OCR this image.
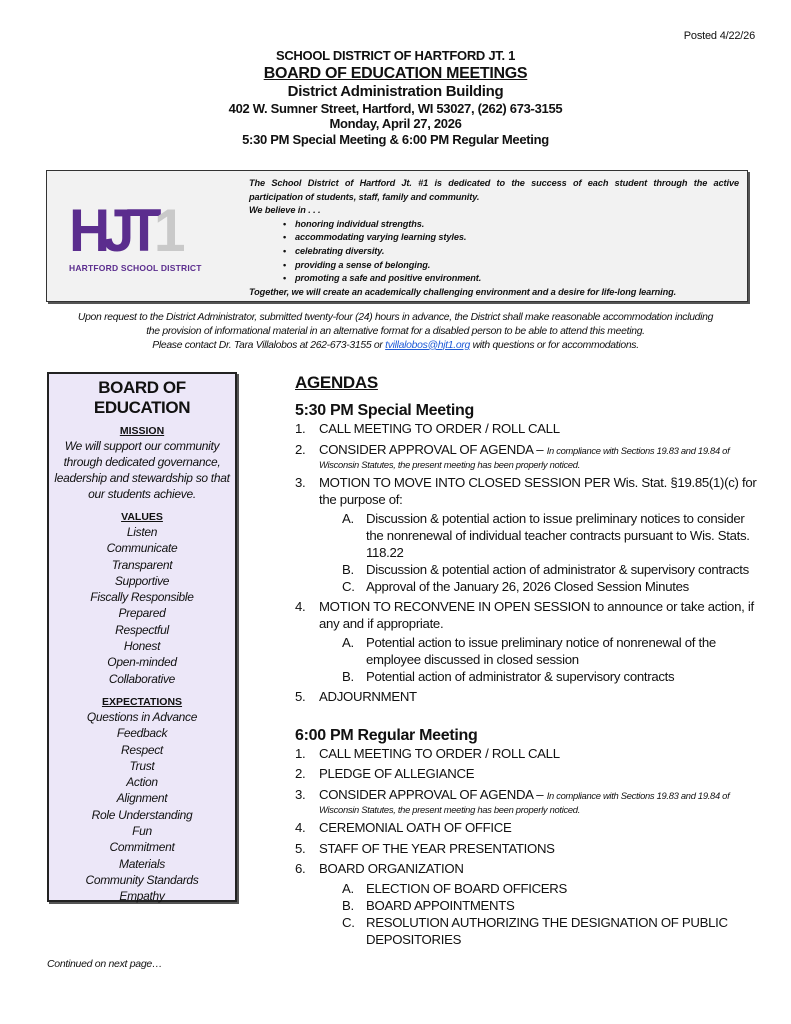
Posted 4/22/26
SCHOOL DISTRICT OF HARTFORD JT. 1
BOARD OF EDUCATION MEETINGS
District Administration Building
402 W. Sumner Street, Hartford, WI 53027, (262) 673-3155
Monday, April 27, 2026
5:30 PM Special Meeting & 6:00 PM Regular Meeting
HJT1
HARTFORD SCHOOL DISTRICT
The School District of Hartford Jt. #1 is dedicated to the success of each student through the active
participation of students, staff, family and community.
We believe in . . .
• honoring individual strengths.
• accommodating varying learning styles.
• celebrating diversity.
• providing a sense of belonging.
• promoting a safe and positive environment.
Together, we will create an academically challenging environment and a desire for life-long learning.
Upon request to the District Administrator, submitted twenty-four (24) hours in advance, the District shall make reasonable accommodation including
the provision of informational material in an alternative format for a disabled person to be able to attend this meeting.
Please contact Dr. Tara Villalobos at 262-673-3155 or tvillalobos@hjt1.org with questions or for accommodations.
BOARD OF EDUCATION
MISSION
We will support our community through dedicated governance, leadership and stewardship so that our students achieve.
VALUES
Listen
Communicate
Transparent
Supportive
Fiscally Responsible
Prepared
Respectful
Honest
Open-minded
Collaborative
EXPECTATIONS
Questions in Advance
Feedback
Respect
Trust
Action
Alignment
Role Understanding
Fun
Commitment
Materials
Community Standards
Empathy
Continued on next page…
AGENDAS
5:30 PM Special Meeting
1. CALL MEETING TO ORDER / ROLL CALL
2. CONSIDER APPROVAL OF AGENDA – In compliance with Sections 19.83 and 19.84 of
Wisconsin Statutes, the present meeting has been properly noticed.
3. MOTION TO MOVE INTO CLOSED SESSION PER Wis. Stat. §19.85(1)(c) for the purpose of:
A. Discussion & potential action to issue preliminary notices to consider the nonrenewal of individual teacher contracts pursuant to Wis. Stats. 118.22
B. Discussion & potential action of administrator & supervisory contracts
C. Approval of the January 26, 2026 Closed Session Minutes
4. MOTION TO RECONVENE IN OPEN SESSION to announce or take action, if any and if appropriate.
A. Potential action to issue preliminary notice of nonrenewal of the employee discussed in closed session
B. Potential action of administrator & supervisory contracts
5. ADJOURNMENT
6:00 PM Regular Meeting
1. CALL MEETING TO ORDER / ROLL CALL
2. PLEDGE OF ALLEGIANCE
3. CONSIDER APPROVAL OF AGENDA – In compliance with Sections 19.83 and 19.84 of
Wisconsin Statutes, the present meeting has been properly noticed.
4. CEREMONIAL OATH OF OFFICE
5. STAFF OF THE YEAR PRESENTATIONS
6. BOARD ORGANIZATION
A. ELECTION OF BOARD OFFICERS
B. BOARD APPOINTMENTS
C. RESOLUTION AUTHORIZING THE DESIGNATION OF PUBLIC DEPOSITORIES
